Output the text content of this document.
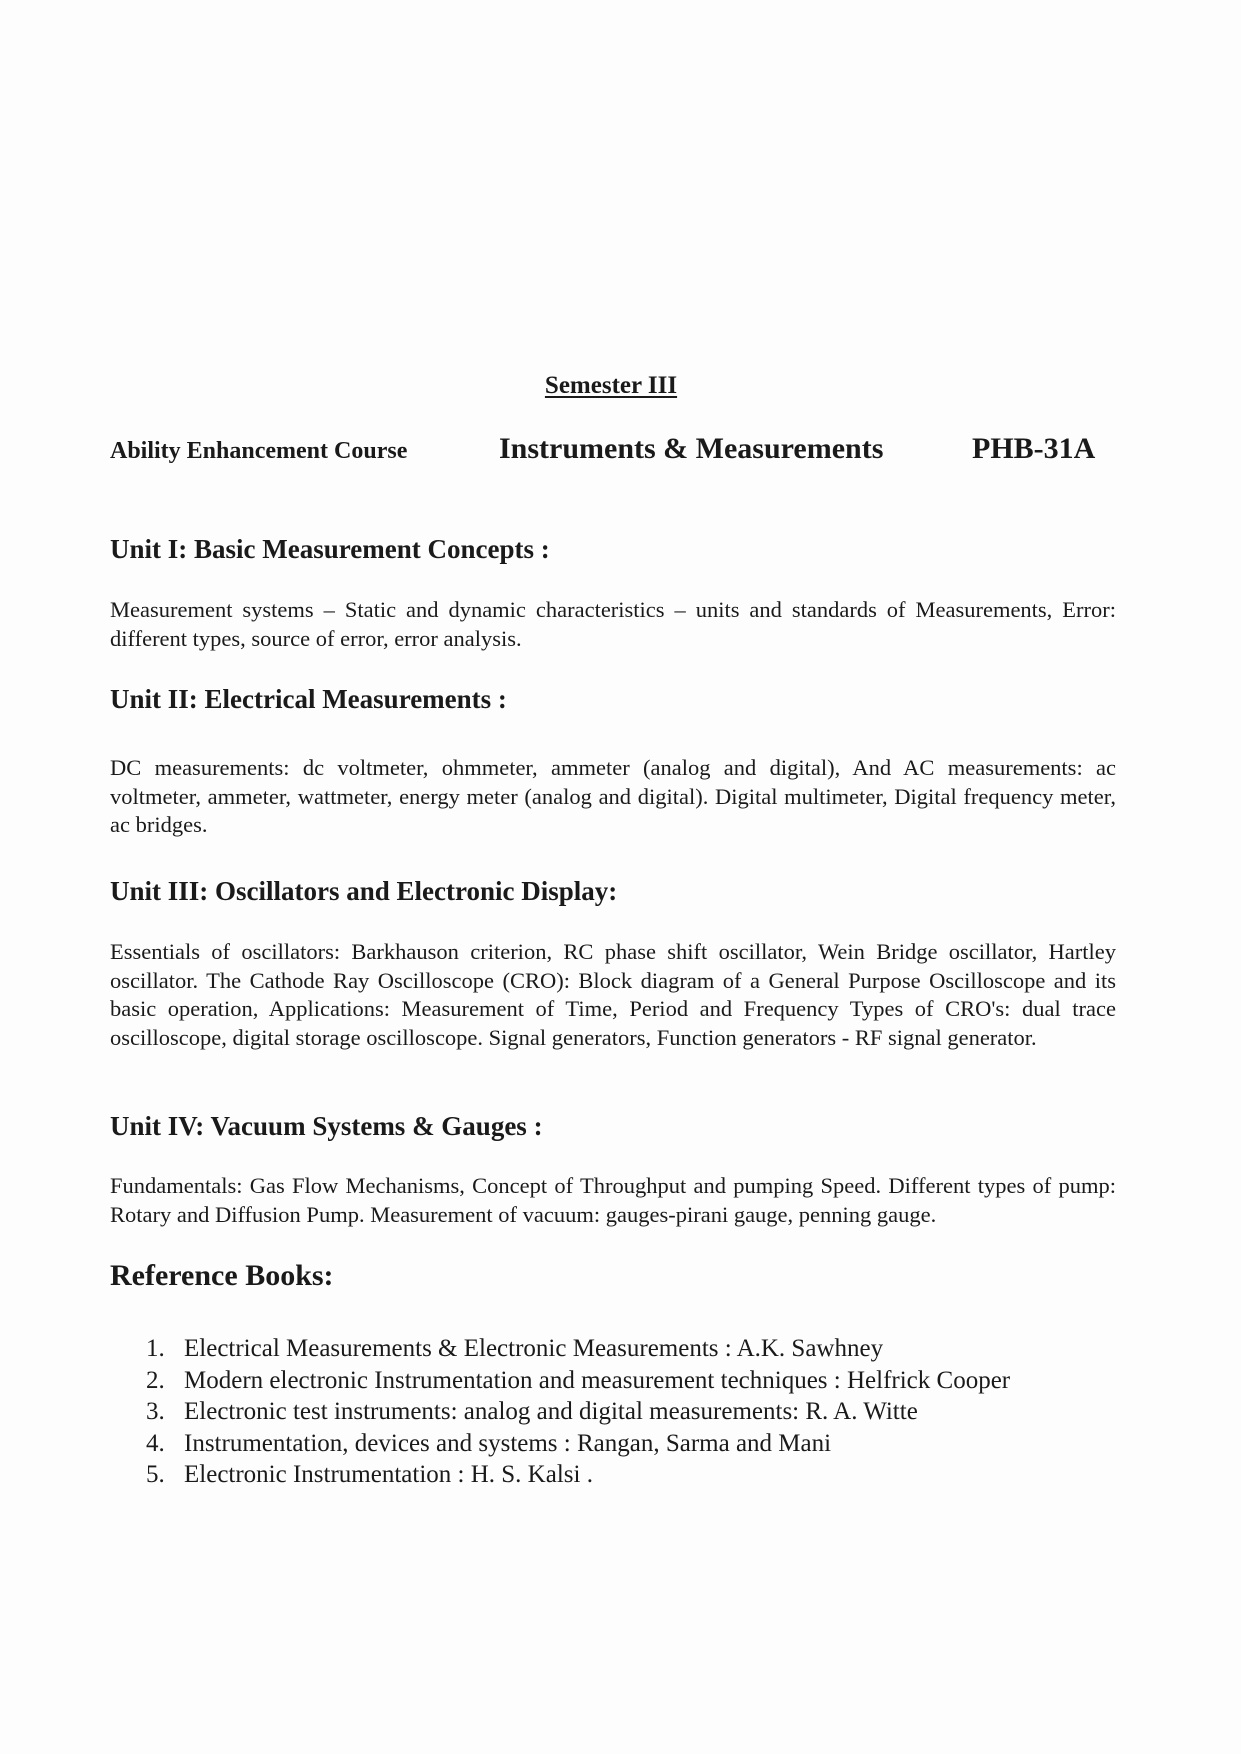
Semester III
Ability Enhancement Course	Instruments & Measurements	PHB-31A
Unit I: Basic Measurement Concepts :

Measurement systems – Static and dynamic characteristics – units and standards of Measurements, Error: different types, source of error, error analysis.

Unit II: Electrical Measurements :

DC measurements: dc voltmeter, ohmmeter, ammeter (analog and digital), And AC measurements: ac voltmeter, ammeter, wattmeter, energy meter (analog and digital). Digital multimeter, Digital frequency meter, ac bridges.

Unit III: Oscillators and Electronic Display:

Essentials of oscillators: Barkhauson criterion, RC phase shift oscillator, Wein Bridge oscillator, Hartley oscillator. The Cathode Ray Oscilloscope (CRO): Block diagram of a General Purpose Oscilloscope and its basic operation, Applications: Measurement of Time, Period and Frequency Types of CRO's: dual trace oscilloscope, digital storage oscilloscope. Signal generators, Function generators - RF signal generator.

Unit IV: Vacuum Systems & Gauges :

Fundamentals: Gas Flow Mechanisms, Concept of Throughput and pumping Speed. Different types of pump: Rotary and Diffusion Pump. Measurement of vacuum: gauges-pirani gauge, penning gauge.

Reference Books:
1. Electrical Measurements & Electronic Measurements : A.K. Sawhney
2. Modern electronic Instrumentation and measurement techniques : Helfrick Cooper
3. Electronic test instruments: analog and digital measurements: R. A. Witte
4. Instrumentation, devices and systems : Rangan, Sarma and Mani
5. Electronic Instrumentation : H. S. Kalsi .
